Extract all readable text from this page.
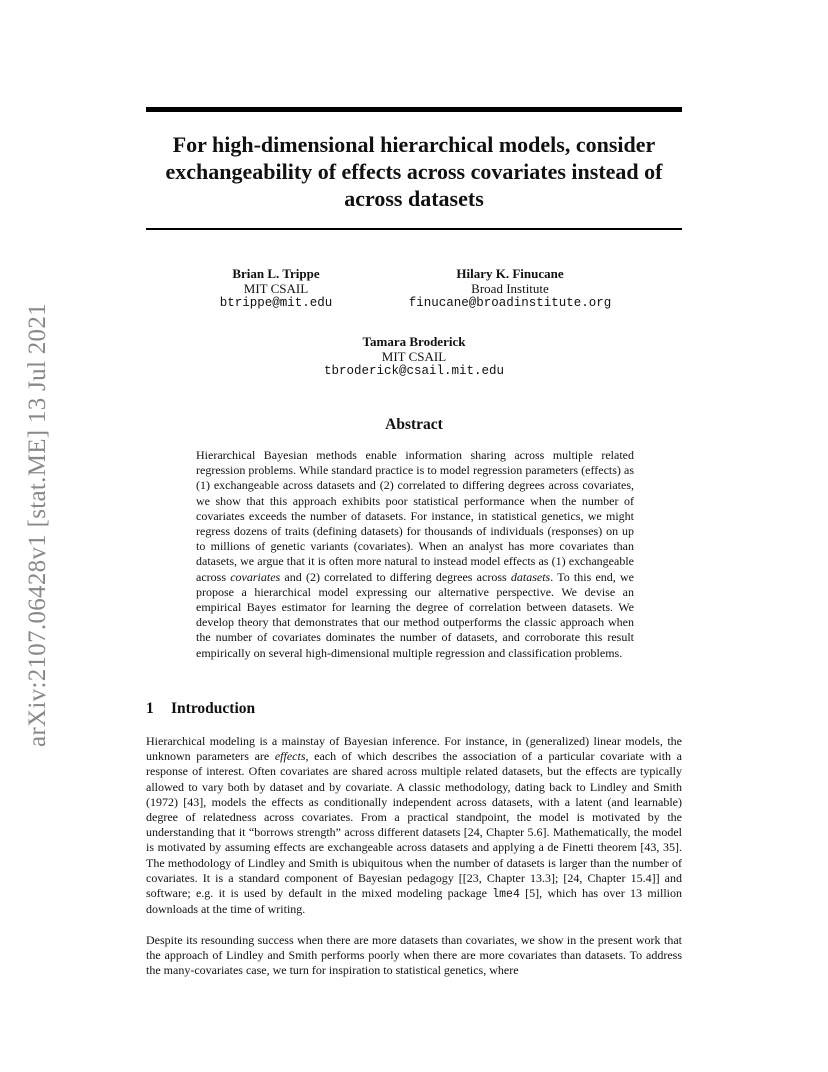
arXiv:2107.06428v1 [stat.ME] 13 Jul 2021
For high-dimensional hierarchical models, consider exchangeability of effects across covariates instead of across datasets
Brian L. Trippe
MIT CSAIL
btrippe@mit.edu
Hilary K. Finucane
Broad Institute
finucane@broadinstitute.org
Tamara Broderick
MIT CSAIL
tbroderick@csail.mit.edu
Abstract
Hierarchical Bayesian methods enable information sharing across multiple related regression problems. While standard practice is to model regression parameters (effects) as (1) exchangeable across datasets and (2) correlated to differing degrees across covariates, we show that this approach exhibits poor statistical performance when the number of covariates exceeds the number of datasets. For instance, in statistical genetics, we might regress dozens of traits (defining datasets) for thousands of individuals (responses) on up to millions of genetic variants (covariates). When an analyst has more covariates than datasets, we argue that it is often more natural to instead model effects as (1) exchangeable across covariates and (2) correlated to differing degrees across datasets. To this end, we propose a hierarchical model expressing our alternative perspective. We devise an empirical Bayes estimator for learning the degree of correlation between datasets. We develop theory that demonstrates that our method outperforms the classic approach when the number of covariates dominates the number of datasets, and corroborate this result empirically on several high-dimensional multiple regression and classification problems.
1 Introduction
Hierarchical modeling is a mainstay of Bayesian inference. For instance, in (generalized) linear models, the unknown parameters are effects, each of which describes the association of a particular covariate with a response of interest. Often covariates are shared across multiple related datasets, but the effects are typically allowed to vary both by dataset and by covariate. A classic methodology, dating back to Lindley and Smith (1972) [43], models the effects as conditionally independent across datasets, with a latent (and learnable) degree of relatedness across covariates. From a practical standpoint, the model is motivated by the understanding that it “borrows strength” across different datasets [24, Chapter 5.6]. Mathematically, the model is motivated by assuming effects are exchangeable across datasets and applying a de Finetti theorem [43, 35]. The methodology of Lindley and Smith is ubiquitous when the number of datasets is larger than the number of covariates. It is a standard component of Bayesian pedagogy [[23, Chapter 13.3]; [24, Chapter 15.4]] and software; e.g. it is used by default in the mixed modeling package lme4 [5], which has over 13 million downloads at the time of writing.
Despite its resounding success when there are more datasets than covariates, we show in the present work that the approach of Lindley and Smith performs poorly when there are more covariates than datasets. To address the many-covariates case, we turn for inspiration to statistical genetics, where
